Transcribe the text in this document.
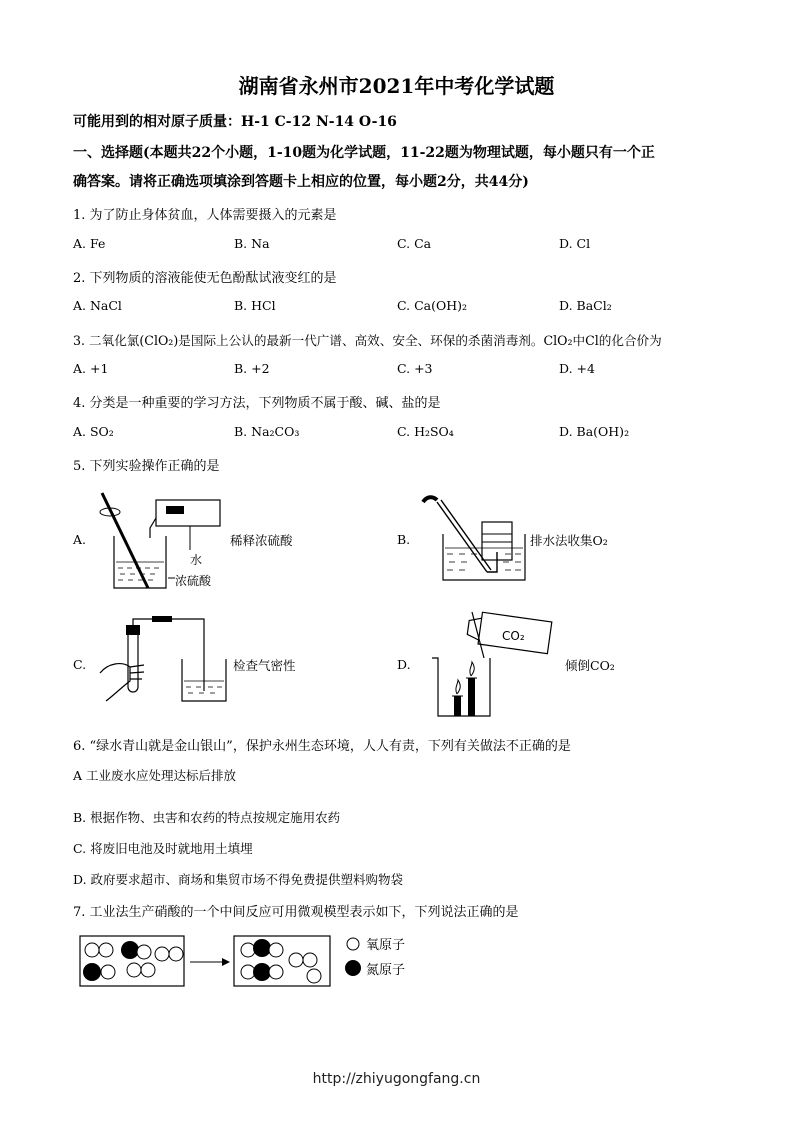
湖南省永州市2021年中考化学试题
可能用到的相对原子质量：H-1 C-12 N-14 O-16
一、选择题(本题共22个小题，1-10题为化学试题，11-22题为物理试题，每小题只有一个正
确答案。请将正确选项填涂到答题卡上相应的位置，每小题2分，共44分)
1. 为了防止身体贫血，人体需要摄入的元素是
A. Fe	B. Na	C. Ca	D. Cl
2. 下列物质的溶液能使无色酚酞试液变红的是
A. NaCl	B. HCl	C. Ca(OH)₂	D. BaCl₂
3. 二氧化氯(ClO₂)是国际上公认的最新一代广谱、高效、安全、环保的杀菌消毒剂。ClO₂中Cl的化合价为
A. +1	B. +2	C. +3	D. +4
4. 分类是一种重要的学习方法，下列物质不属于酸、碱、盐的是
A. SO₂	B. Na₂CO₃	C. H₂SO₄	D. Ba(OH)₂
5. 下列实验操作正确的是
A.	稀释浓硫酸
水
浓硫酸
B.	排水法收集O₂
C.	检查气密性	D.	倾倒CO₂
CO₂
6. “绿水青山就是金山银山”，保护永州生态环境，人人有责，下列有关做法不正确的是
A 工业废水应处理达标后排放
B. 根据作物、虫害和农药的特点按规定施用农药
C. 将废旧电池及时就地用土填埋
D. 政府要求超市、商场和集贸市场不得免费提供塑料购物袋
7. 工业法生产硝酸的一个中间反应可用微观模型表示如下，下列说法正确的是
氧原子
氮原子
http://zhiyugongfang.cn
